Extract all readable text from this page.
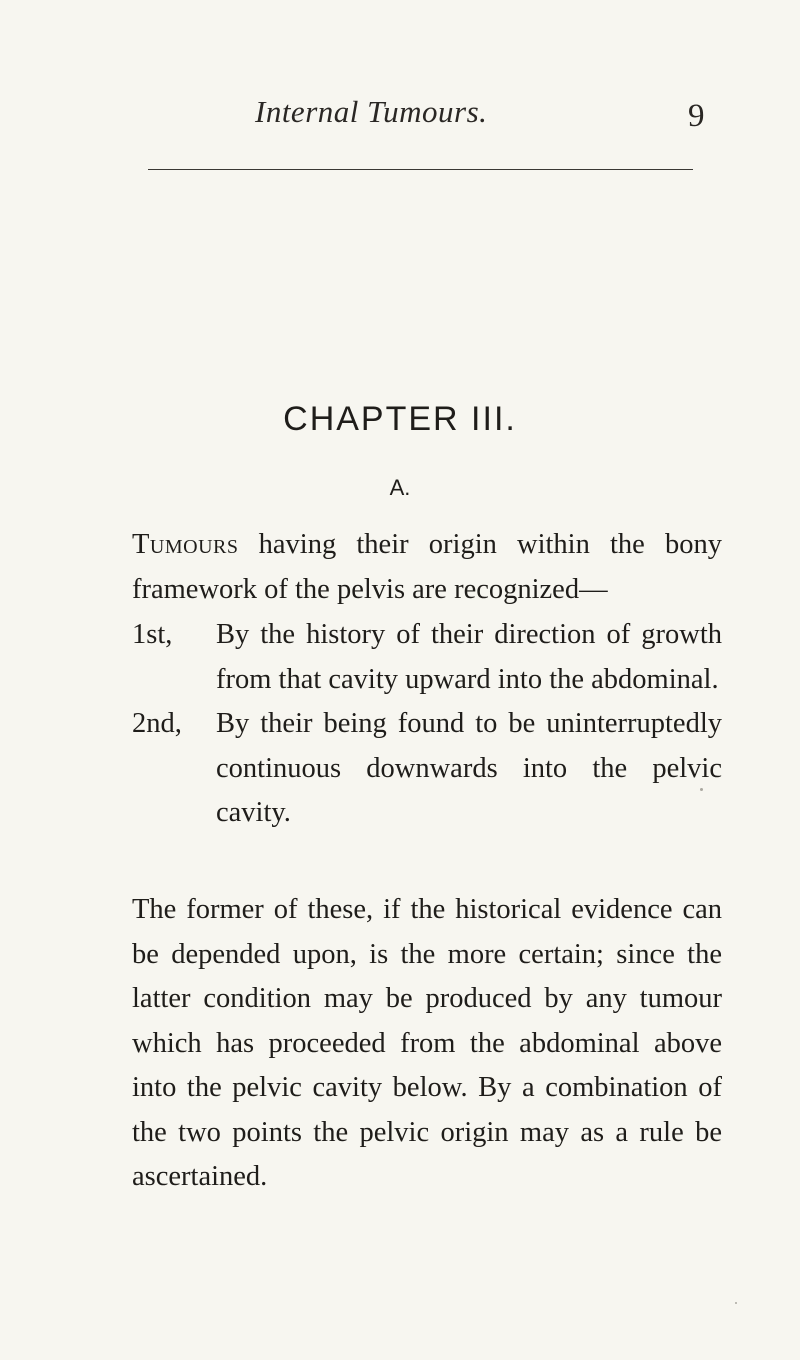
Internal Tumours.	9
CHAPTER III.
A.

Tumours having their origin within the bony framework of the pelvis are recognized—

1st,	By the history of their direction of growth from that cavity upward into the abdominal.
2nd,	By their being found to be uninterruptedly continuous downwards into the pelvic cavity.

The former of these, if the historical evidence can be depended upon, is the more certain; since the latter condition may be produced by any tumour which has proceeded from the abdominal above into the pelvic cavity below. By a combination of the two points the pelvic origin may as a rule be ascertained.
